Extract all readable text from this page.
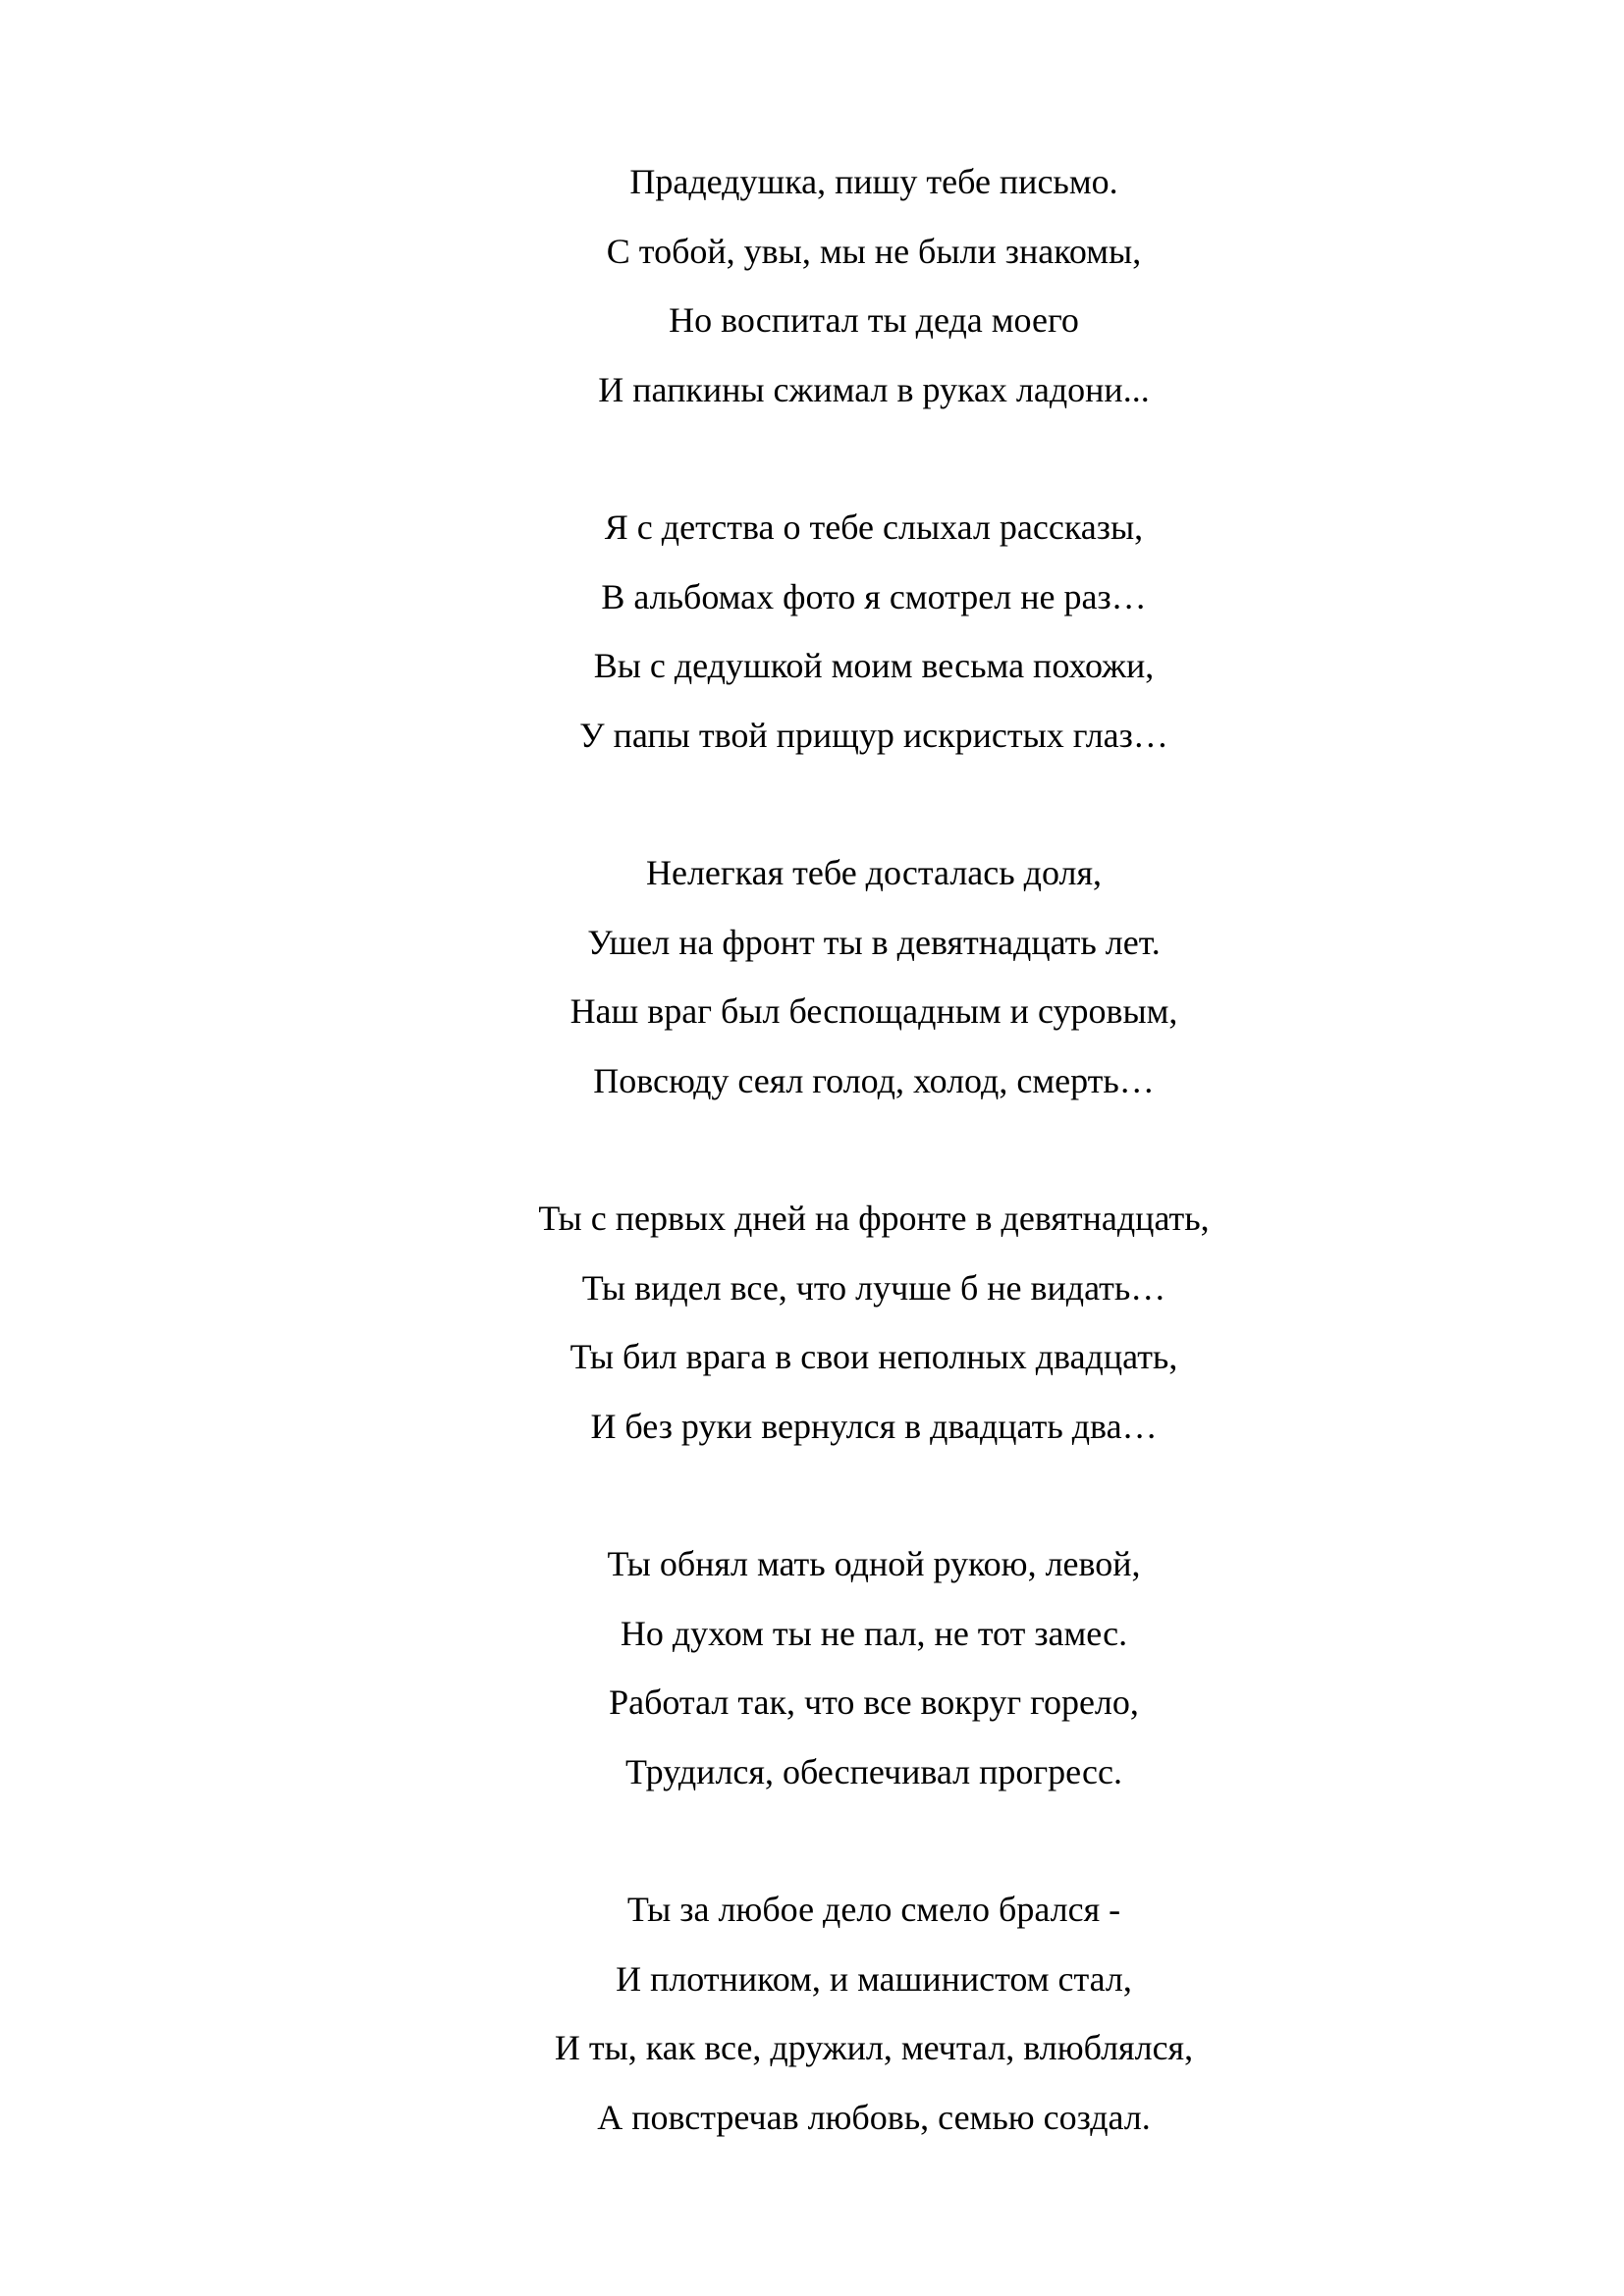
Прадедушка, пишу тебе письмо.
С тобой, увы, мы не были знакомы,
Но воспитал ты деда моего
И папкины сжимал в руках ладони...
Я с детства о тебе слыхал рассказы,
В альбомах фото я смотрел не раз…
Вы с дедушкой моим весьма похожи,
У папы твой прищур искристых глаз…
Нелегкая тебе досталась доля,
Ушел на фронт ты в девятнадцать лет.
Наш враг был беспощадным и суровым,
Повсюду сеял голод, холод, смерть…
Ты с первых дней на фронте в девятнадцать,
Ты видел все, что лучше б не видать…
Ты бил врага в свои неполных двадцать,
И без руки вернулся в двадцать два…
Ты обнял мать одной рукою, левой,
Но духом ты не пал, не тот замес.
Работал так, что все вокруг горело,
Трудился, обеспечивал прогресс.
Ты за любое дело смело брался -
И плотником, и машинистом стал,
И ты, как все, дружил, мечтал, влюблялся,
А повстречав любовь, семью создал.
